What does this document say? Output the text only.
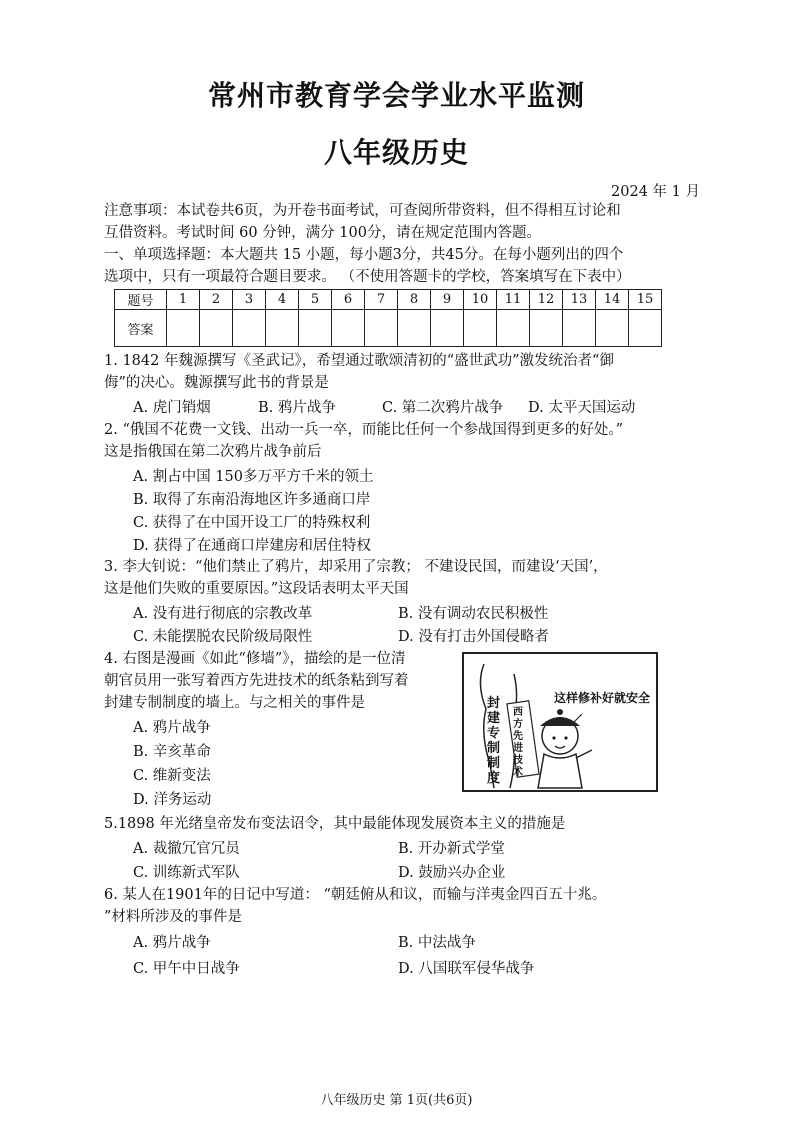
常州市教育学会学业水平监测
八年级历史
2024 年 1 月
注意事项：本试卷共6页，为开卷书面考试，可查阅所带资料，但不得相互讨论和
互借资料。考试时间 60 分钟，满分 100分，请在规定范围内答题。
一、单项选择题：本大题共 15 小题，每小题3分，共45分。在每小题列出的四个
选项中，只有一项最符合题目要求。 （不使用答题卡的学校，答案填写在下表中）
题号	1	2	3	4	5	6	7	8	9	10	11	12	13	14	15
答案															
1. 1842 年魏源撰写《圣武记》，希望通过歌颂清初的“盛世武功”激发统治者“御
侮”的决心。魏源撰写此书的背景是
A. 虎门销烟	B. 鸦片战争	C. 第二次鸦片战争 D. 太平天国运动
2. “俄国不花费一文钱、出动一兵一卒，而能比任何一个参战国得到更多的好处。”
这是指俄国在第二次鸦片战争前后
A. 割占中国 150多万平方千米的领土
B. 取得了东南沿海地区许多通商口岸
C. 获得了在中国开设工厂的特殊权利
D. 获得了在通商口岸建房和居住特权
3. 李大钊说：“他们禁止了鸦片，却采用了宗教； 不建设民国，而建设‘天国’，
这是他们失败的重要原因。”这段话表明太平天国
A. 没有进行彻底的宗教改革	B. 没有调动农民积极性
C. 未能摆脱农民阶级局限性	D. 没有打击外国侵略者
4. 右图是漫画《如此“修墙”》，描绘的是一位清
朝官员用一张写着西方先进技术的纸条粘到写着
封建专制制度的墙上。与之相关的事件是
A. 鸦片战争
B. 辛亥革命
C. 维新变法
D. 洋务运动
这样修补好就安全
封建专制制度
西方先进技术
5.1898 年光绪皇帝发布变法诏令，其中最能体现发展资本主义的措施是
A. 裁撤冗官冗员	B. 开办新式学堂
C. 训练新式军队	D. 鼓励兴办企业
6. 某人在1901年的日记中写道： “朝廷俯从和议，而输与洋夷金四百五十兆。
”材料所涉及的事件是
A. 鸦片战争	B. 中法战争
C. 甲午中日战争	D. 八国联军侵华战争
八年级历史 第 1页(共6页)
